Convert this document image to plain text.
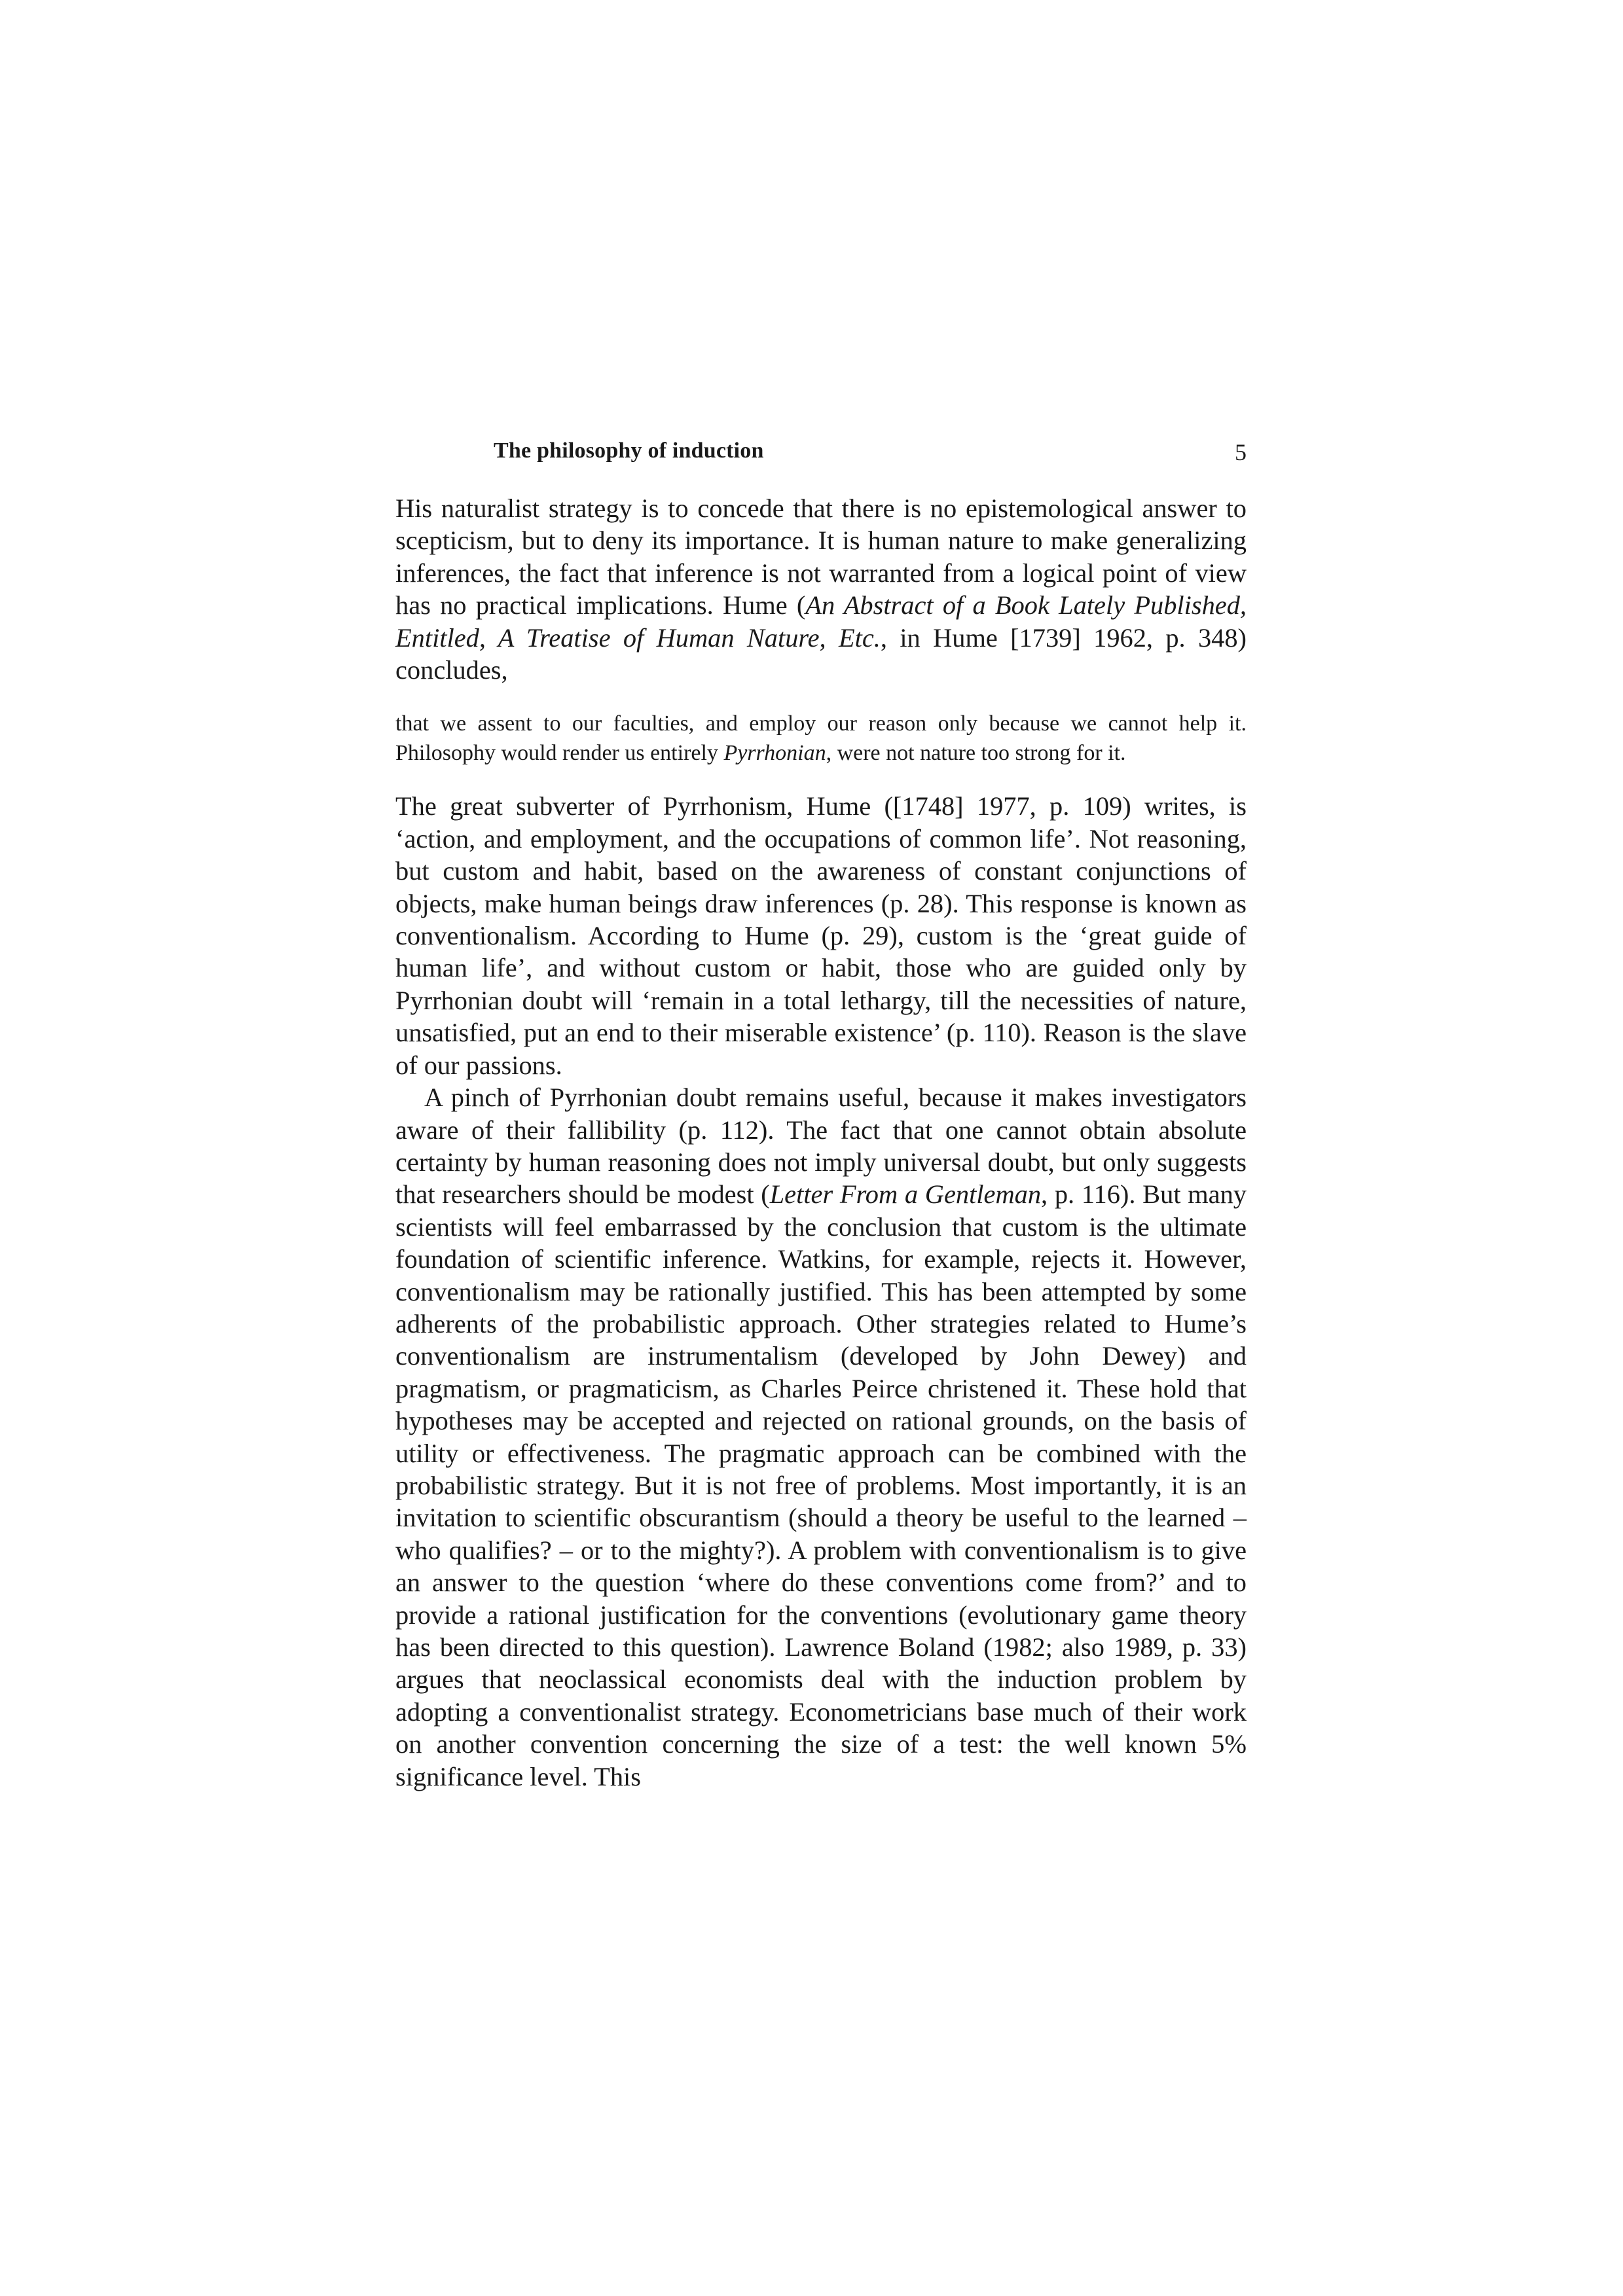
The philosophy of induction	5

His naturalist strategy is to concede that there is no epistemological answer to scepticism, but to deny its importance. It is human nature to make generalizing inferences, the fact that inference is not warranted from a logical point of view has no practical implications. Hume (An Abstract of a Book Lately Published, Entitled, A Treatise of Human Nature, Etc., in Hume [1739] 1962, p. 348) concludes,

that we assent to our faculties, and employ our reason only because we cannot help it. Philosophy would render us entirely Pyrrhonian, were not nature too strong for it.

The great subverter of Pyrrhonism, Hume ([1748] 1977, p. 109) writes, is ‘action, and employment, and the occupations of common life’. Not reasoning, but custom and habit, based on the awareness of constant conjunctions of objects, make human beings draw inferences (p. 28). This response is known as conventionalism. According to Hume (p. 29), custom is the ‘great guide of human life’, and without custom or habit, those who are guided only by Pyrrhonian doubt will ‘remain in a total lethargy, till the necessities of nature, unsatisfied, put an end to their miserable existence’ (p. 110). Reason is the slave of our passions.

A pinch of Pyrrhonian doubt remains useful, because it makes investigators aware of their fallibility (p. 112). The fact that one cannot obtain absolute certainty by human reasoning does not imply universal doubt, but only suggests that researchers should be modest (Letter From a Gentleman, p. 116). But many scientists will feel embarrassed by the conclusion that custom is the ultimate foundation of scientific inference. Watkins, for example, rejects it. However, conventionalism may be rationally justified. This has been attempted by some adherents of the probabilistic approach. Other strategies related to Hume’s conventionalism are instrumentalism (developed by John Dewey) and pragmatism, or pragmaticism, as Charles Peirce christened it. These hold that hypotheses may be accepted and rejected on rational grounds, on the basis of utility or effectiveness. The pragmatic approach can be combined with the probabilistic strategy. But it is not free of problems. Most importantly, it is an invitation to scientific obscurantism (should a theory be useful to the learned – who qualifies? – or to the mighty?). A problem with conventionalism is to give an answer to the question ‘where do these conventions come from?’ and to provide a rational justification for the conventions (evolutionary game theory has been directed to this question). Lawrence Boland (1982; also 1989, p. 33) argues that neoclassical economists deal with the induction problem by adopting a conventionalist strategy. Econometricians base much of their work on another convention concerning the size of a test: the well known 5% significance level. This
